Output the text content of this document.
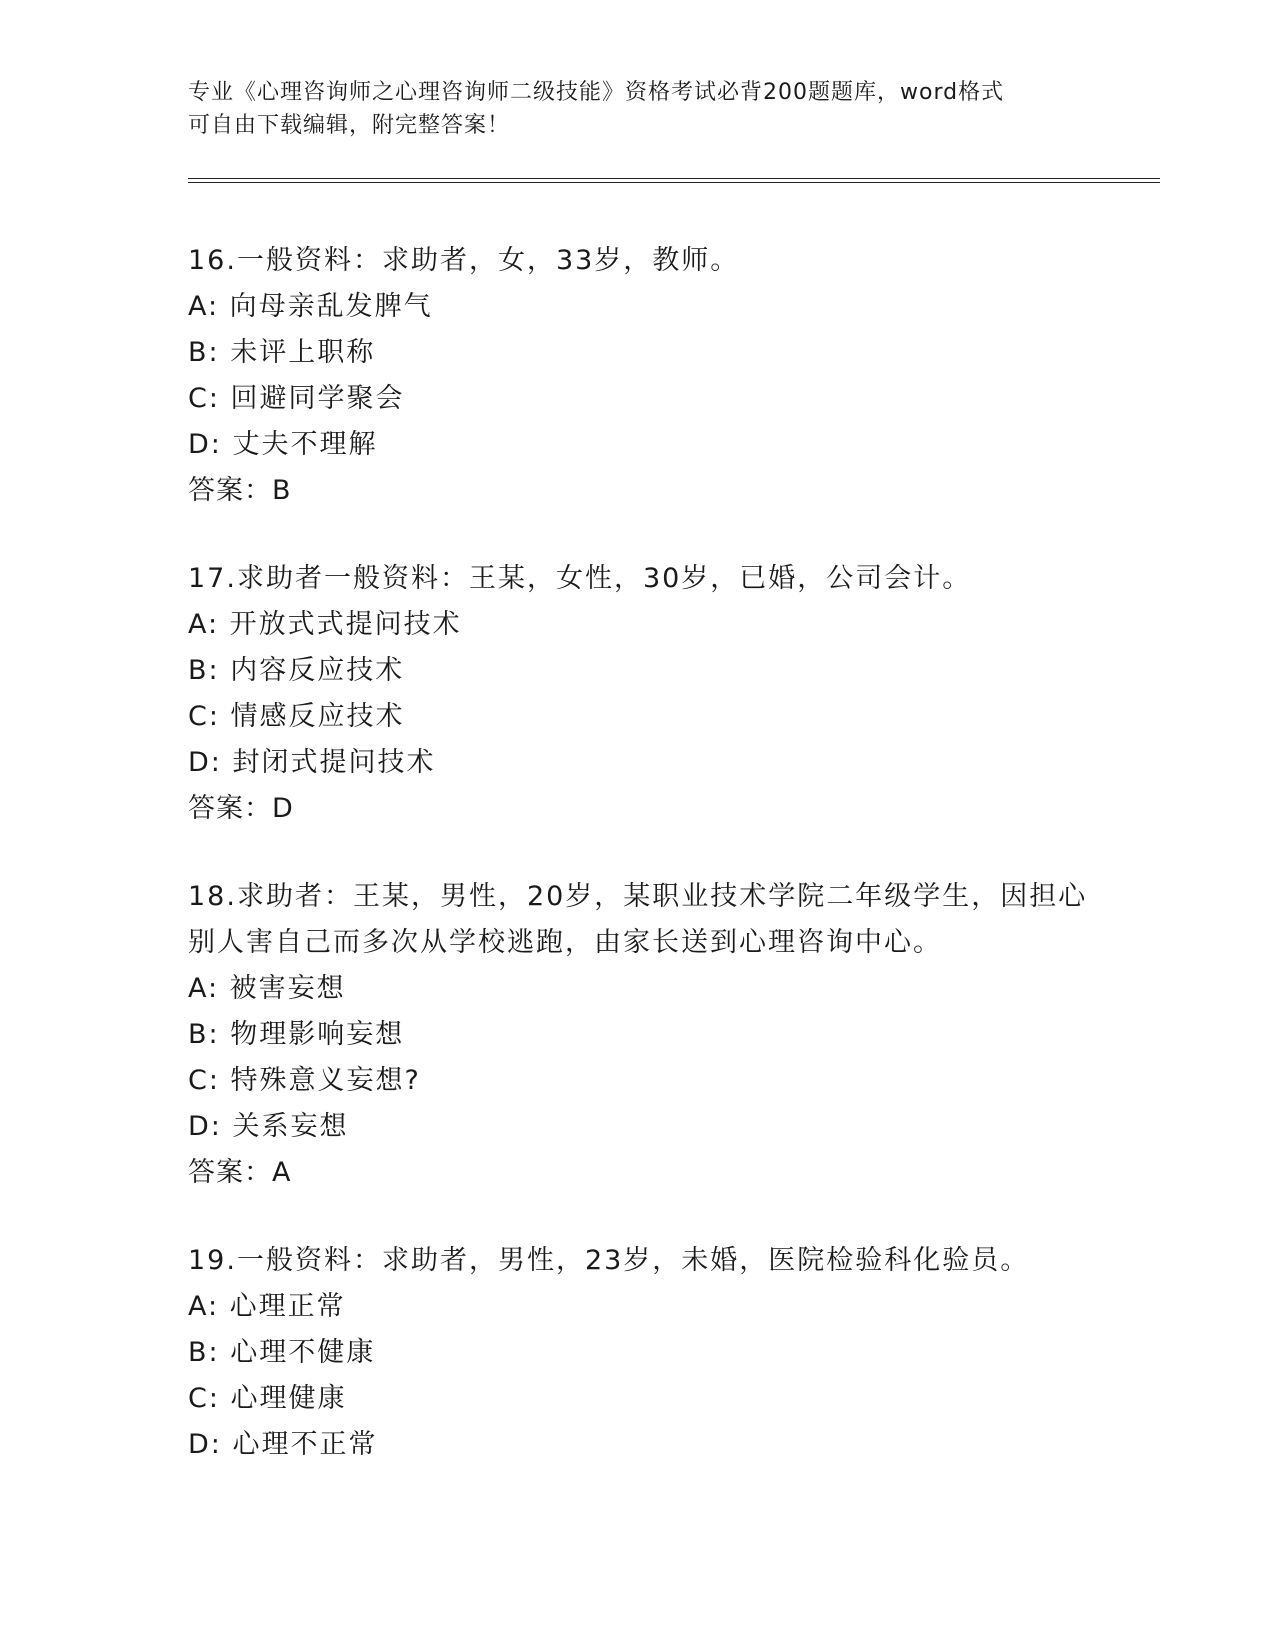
专业《心理咨询师之心理咨询师二级技能》资格考试必背200题题库，word格式

可自由下载编辑，附完整答案！

16.一般资料：求助者，女，33岁，教师。

A: 向母亲乱发脾气

B: 未评上职称

C: 回避同学聚会

D: 丈夫不理解

答案：B

17.求助者一般资料：王某，女性，30岁，已婚，公司会计。

A: 开放式式提问技术

B: 内容反应技术

C: 情感反应技术

D: 封闭式提问技术

答案：D

18.求助者：王某，男性，20岁，某职业技术学院二年级学生，因担心别人害自己而多次从学校逃跑，由家长送到心理咨询中心。

A: 被害妄想

B: 物理影响妄想

C: 特殊意义妄想?

D: 关系妄想

答案：A

19.一般资料：求助者，男性，23岁，未婚，医院检验科化验员。

A: 心理正常

B: 心理不健康

C: 心理健康

D: 心理不正常
